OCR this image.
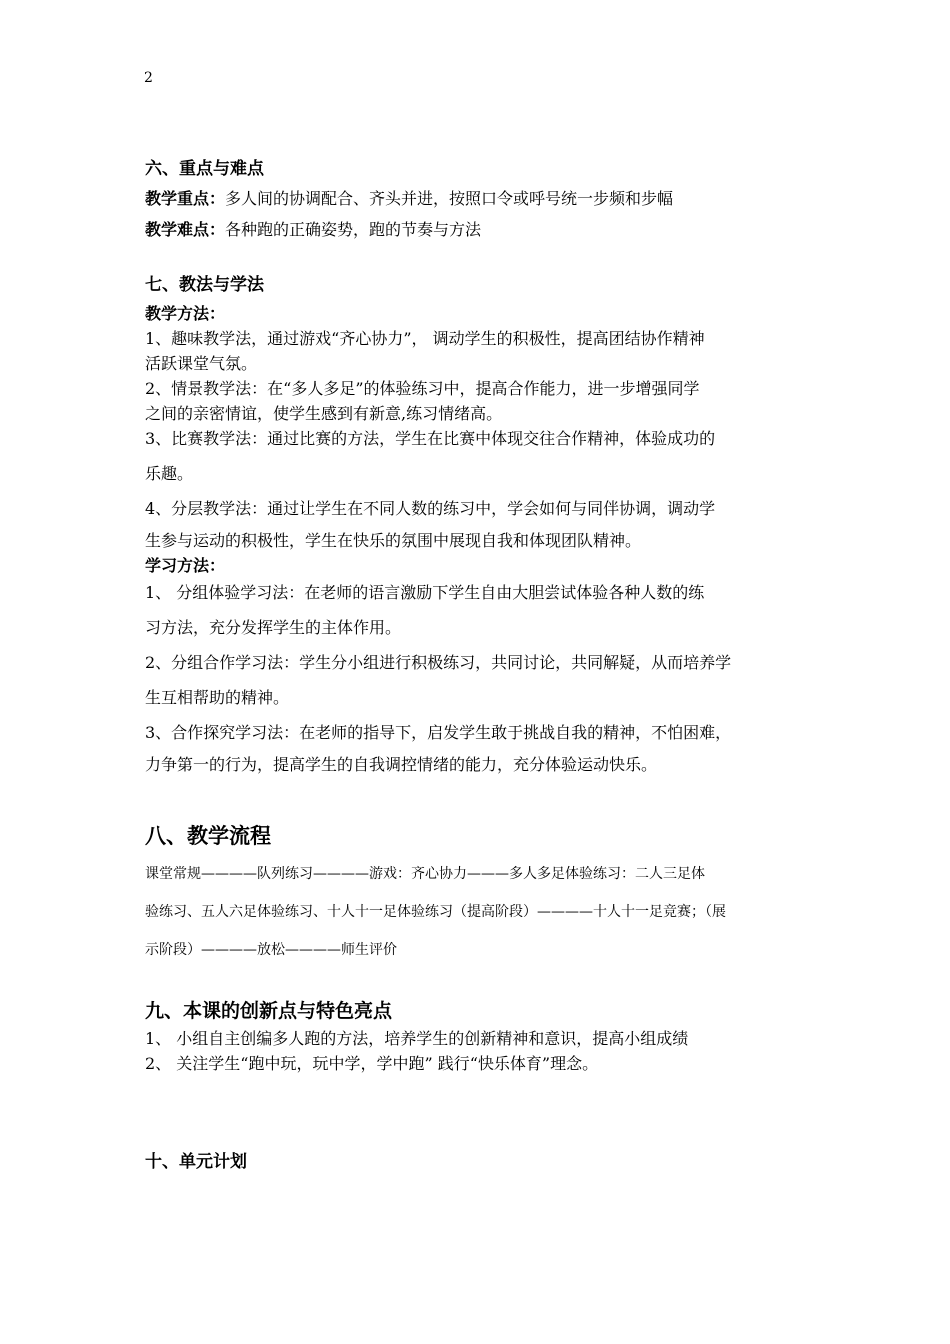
2
六、重点与难点
教学重点：多人间的协调配合、齐头并进，按照口令或呼号统一步频和步幅
教学难点：各种跑的正确姿势，跑的节奏与方法
七、教法与学法
教学方法：
1、趣味教学法，通过游戏“齐心协力”， 调动学生的积极性，提高团结协作精神
活跃课堂气氛。
2、情景教学法：在“多人多足”的体验练习中，提高合作能力，进一步增强同学
之间的亲密情谊，使学生感到有新意,练习情绪高。
3、比赛教学法：通过比赛的方法，学生在比赛中体现交往合作精神，体验成功的
乐趣。
4、分层教学法：通过让学生在不同人数的练习中，学会如何与同伴协调，调动学
生参与运动的积极性，学生在快乐的氛围中展现自我和体现团队精神。
学习方法：
1、 分组体验学习法：在老师的语言激励下学生自由大胆尝试体验各种人数的练
习方法，充分发挥学生的主体作用。
2、分组合作学习法：学生分小组进行积极练习，共同讨论，共同解疑，从而培养学
生互相帮助的精神。
3、合作探究学习法：在老师的指导下，启发学生敢于挑战自我的精神，不怕困难，
力争第一的行为，提高学生的自我调控情绪的能力，充分体验运动快乐。
八、教学流程
课堂常规————队列练习————游戏：齐心协力———多人多足体验练习：二人三足体
验练习、五人六足体验练习、十人十一足体验练习（提高阶段）————十人十一足竞赛；（展
示阶段）————放松————师生评价
九、本课的创新点与特色亮点
1、 小组自主创编多人跑的方法，培养学生的创新精神和意识，提高小组成绩
2、 关注学生“跑中玩，玩中学，学中跑” 践行“快乐体育”理念。
十、单元计划
